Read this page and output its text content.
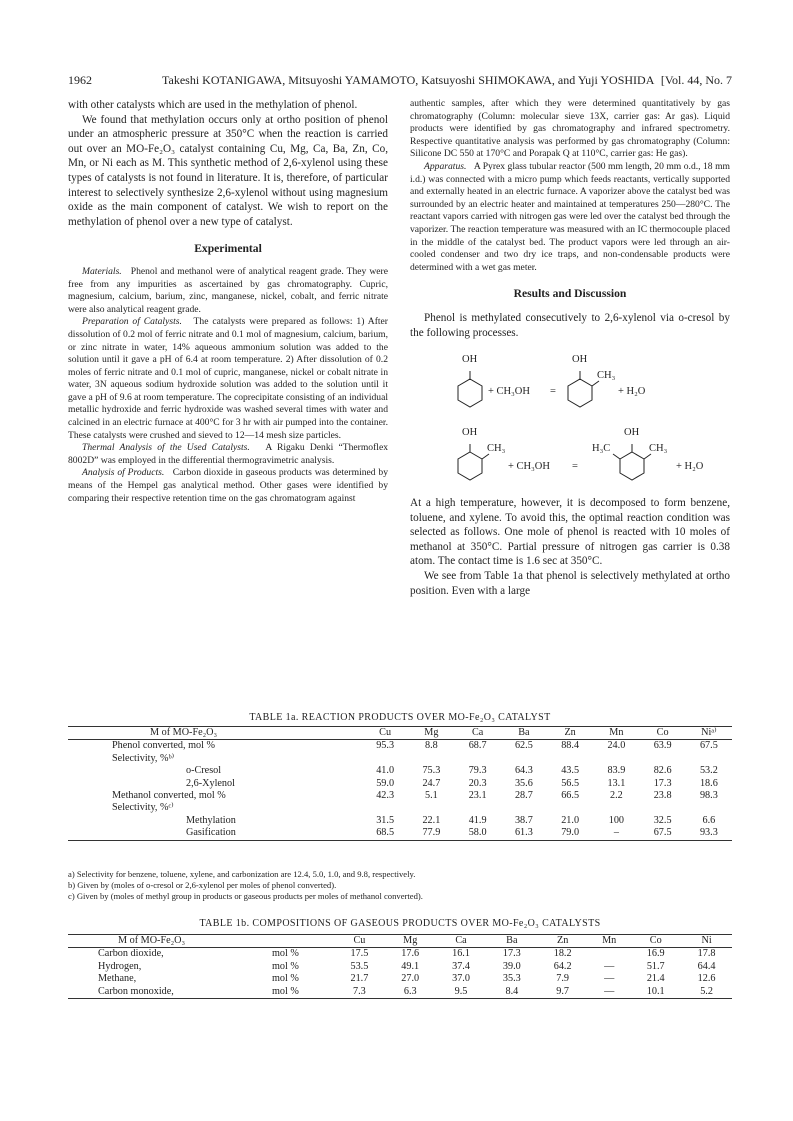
1962	Takeshi KOTANIGAWA, Mitsuyoshi YAMAMOTO, Katsuyoshi SHIMOKAWA, and Yuji YOSHIDA [Vol. 44, No. 7

with other catalysts which are used in the methylation of phenol.

We found that methylation occurs only at ortho position of phenol under an atmospheric pressure at 350°C when the reaction is carried out over an MO-Fe₂O₃ catalyst containing Cu, Mg, Ca, Ba, Zn, Co, Mn, or Ni each as M. This synthetic method of 2,6-xylenol using these types of catalysts is not found in literature. It is, therefore, of particular interest to selectively synthesize 2,6-xylenol without using magnesium oxide as the main component of catalyst. We wish to report on the methylation of phenol over a new type of catalyst.

Experimental

Materials. Phenol and methanol were of analytical reagent grade. They were free from any impurities as ascertained by gas chromatography. Cupric, magnesium, calcium, barium, zinc, manganese, nickel, cobalt, and ferric nitrate were also analytical reagent grade.

Preparation of Catalysts. The catalysts were prepared as follows: 1) After dissolution of 0.2 mol of ferric nitrate and 0.1 mol of magnesium, calcium, barium, or zinc nitrate in water, 14% aqueous ammonium solution was added to the solution until it gave a pH of 6.4 at room temperature. 2) After dissolution of 0.2 moles of ferric nitrate and 0.1 mol of cupric, manganese, nickel or cobalt nitrate in water, 3N aqueous sodium hydroxide solution was added to the solution until it gave a pH of 9.6 at room temperature. The coprecipitate consisting of an individual metallic hydroxide and ferric hydroxide was washed several times with water and calcined in an electric furnace at 400°C for 3 hr with air pumped into the container. These catalysts were crushed and sieved to 12—14 mesh size particles.

Thermal Analysis of the Used Catalysts. A Rigaku Denki “Thermoflex 8002D” was employed in the differential thermogravimetric analysis.

Analysis of Products. Carbon dioxide in gaseous products was determined by means of the Hempel gas analytical method. Other gases were identified by comparing their respective retention time on the gas chromatogram against

authentic samples, after which they were determined quantitatively by gas chromatography (Column: molecular sieve 13X, carrier gas: Ar gas). Liquid products were identified by gas chromatography and infrared spectrometry. Respective quantitative analysis was performed by gas chromatography (Column: Silicone DC 550 at 170°C and Porapak Q at 110°C, carrier gas: He gas).

Apparatus. A Pyrex glass tubular reactor (500 mm length, 20 mm o.d., 18 mm i.d.) was connected with a micro pump which feeds reactants, vertically supported and externally heated in an electric furnace. A vaporizer above the catalyst bed was surrounded by an electric heater and maintained at temperatures 250—280°C. The reactant vapors carried with nitrogen gas were led over the catalyst bed through the vaporizer. The reaction temperature was measured with an IC thermocouple placed in the middle of the catalyst bed. The product vapors were led through an air-cooled condenser and two dry ice traps, and non-condensable products were determined with a wet gas meter.

Results and Discussion

Phenol is methylated consecutively to 2,6-xylenol via o-cresol by the following processes.

OH
+ CH₃OH =
OH
CH₃
+ H₂O
OH
CH₃
+ CH₃OH =
OH
H₃C	CH₃
+ H₂O

At a high temperature, however, it is decomposed to form benzene, toluene, and xylene. To avoid this, the optimal reaction condition was selected as follows. One mole of phenol is reacted with 10 moles of methanol at 350°C. Partial pressure of nitrogen gas carrier is 0.38 atom. The contact time is 1.6 sec at 350°C.

We see from Table 1a that phenol is selectively methylated at ortho position. Even with a large

TABLE 1a. REACTION PRODUCTS OVER MO-Fe₂O₃ CATALYST
M of MO-Fe₂O₃	Cu	Mg	Ca	Ba	Zn	Mn	Co	Niᵃ⁾
Phenol converted, mol %	95.3	8.8	68.7	62.5	88.4	24.0	63.9	67.5
Selectivity, %ᵇ⁾								
o-Cresol	41.0	75.3	79.3	64.3	43.5	83.9	82.6	53.2
2,6-Xylenol	59.0	24.7	20.3	35.6	56.5	13.1	17.3	18.6
Methanol converted, mol %	42.3	5.1	23.1	28.7	66.5	2.2	23.8	98.3
Selectivity, %ᶜ⁾								
Methylation	31.5	22.1	41.9	38.7	21.0	100	32.5	6.6
Gasification	68.5	77.9	58.0	61.3	79.0	–	67.5	93.3
a) Selectivity for benzene, toluene, xylene, and carbonization are 12.4, 5.0, 1.0, and 9.8, respectively.
b) Given by (moles of o-cresol or 2,6-xylenol per moles of phenol converted).
c) Given by (moles of methyl group in products or gaseous products per moles of methanol converted).
TABLE 1b. COMPOSITIONS OF GASEOUS PRODUCTS OVER MO-Fe₂O₃ CATALYSTS
M of MO-Fe₂O₃		Cu	Mg	Ca	Ba	Zn	Mn	Co	Ni
Carbon dioxide,	mol %	17.5	17.6	16.1	17.3	18.2		16.9	17.8
Hydrogen,	mol %	53.5	49.1	37.4	39.0	64.2	—	51.7	64.4
Methane,	mol %	21.7	27.0	37.0	35.3	7.9	—	21.4	12.6
Carbon monoxide,	mol %	7.3	6.3	9.5	8.4	9.7	—	10.1	5.2
